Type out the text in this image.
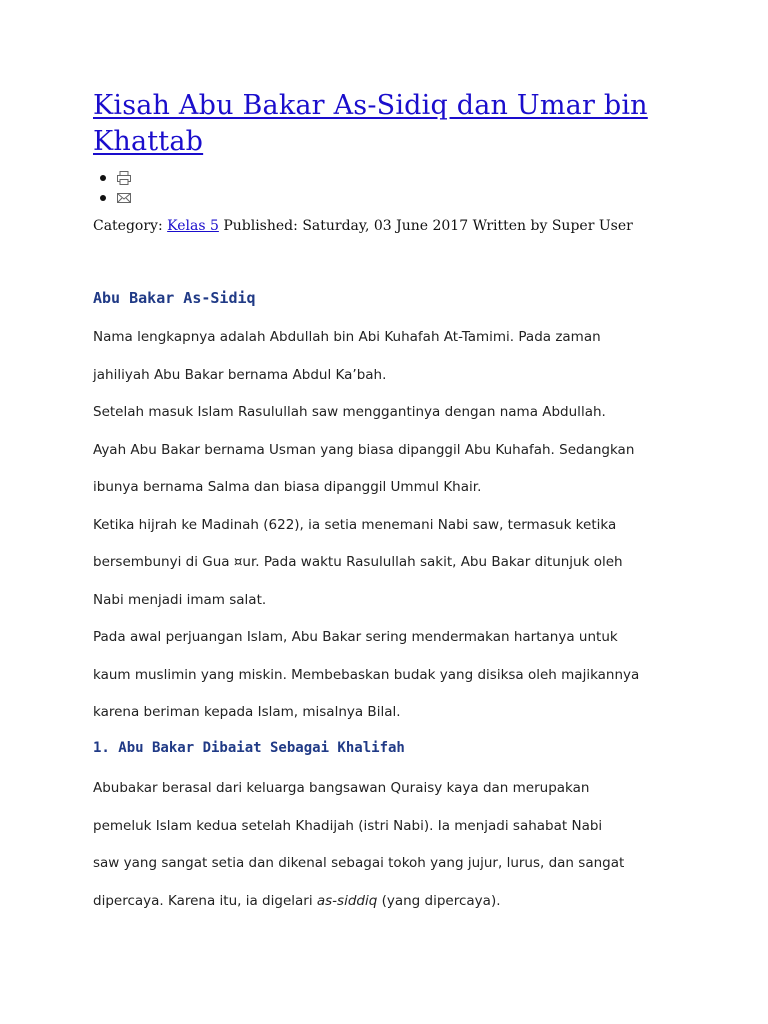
Kisah Abu Bakar As-Sidiq dan Umar bin Khattab
Category: Kelas 5 Published: Saturday, 03 June 2017 Written by Super User
Abu Bakar As-Sidiq
Nama lengkapnya adalah Abdullah bin Abi Kuhafah At-Tamimi. Pada zaman
jahiliyah Abu Bakar bernama Abdul Ka’bah.
Setelah masuk Islam Rasulullah saw menggantinya dengan nama Abdullah.
Ayah Abu Bakar bernama Usman yang biasa dipanggil Abu Kuhafah. Sedangkan
ibunya bernama Salma dan biasa dipanggil Ummul Khair.
Ketika hijrah ke Madinah (622), ia setia menemani Nabi saw, termasuk ketika
bersembunyi di Gua ¤ur. Pada waktu Rasulullah sakit, Abu Bakar ditunjuk oleh
Nabi menjadi imam salat.
Pada awal perjuangan Islam, Abu Bakar sering mendermakan hartanya untuk
kaum muslimin yang miskin. Membebaskan budak yang disiksa oleh majikannya
karena beriman kepada Islam, misalnya Bilal.
1. Abu Bakar Dibaiat Sebagai Khalifah
Abubakar berasal dari keluarga bangsawan Quraisy kaya dan merupakan
pemeluk Islam kedua setelah Khadijah (istri Nabi). Ia menjadi sahabat Nabi
saw yang sangat setia dan dikenal sebagai tokoh yang jujur, lurus, dan sangat
dipercaya. Karena itu, ia digelari as-siddiq (yang dipercaya).
